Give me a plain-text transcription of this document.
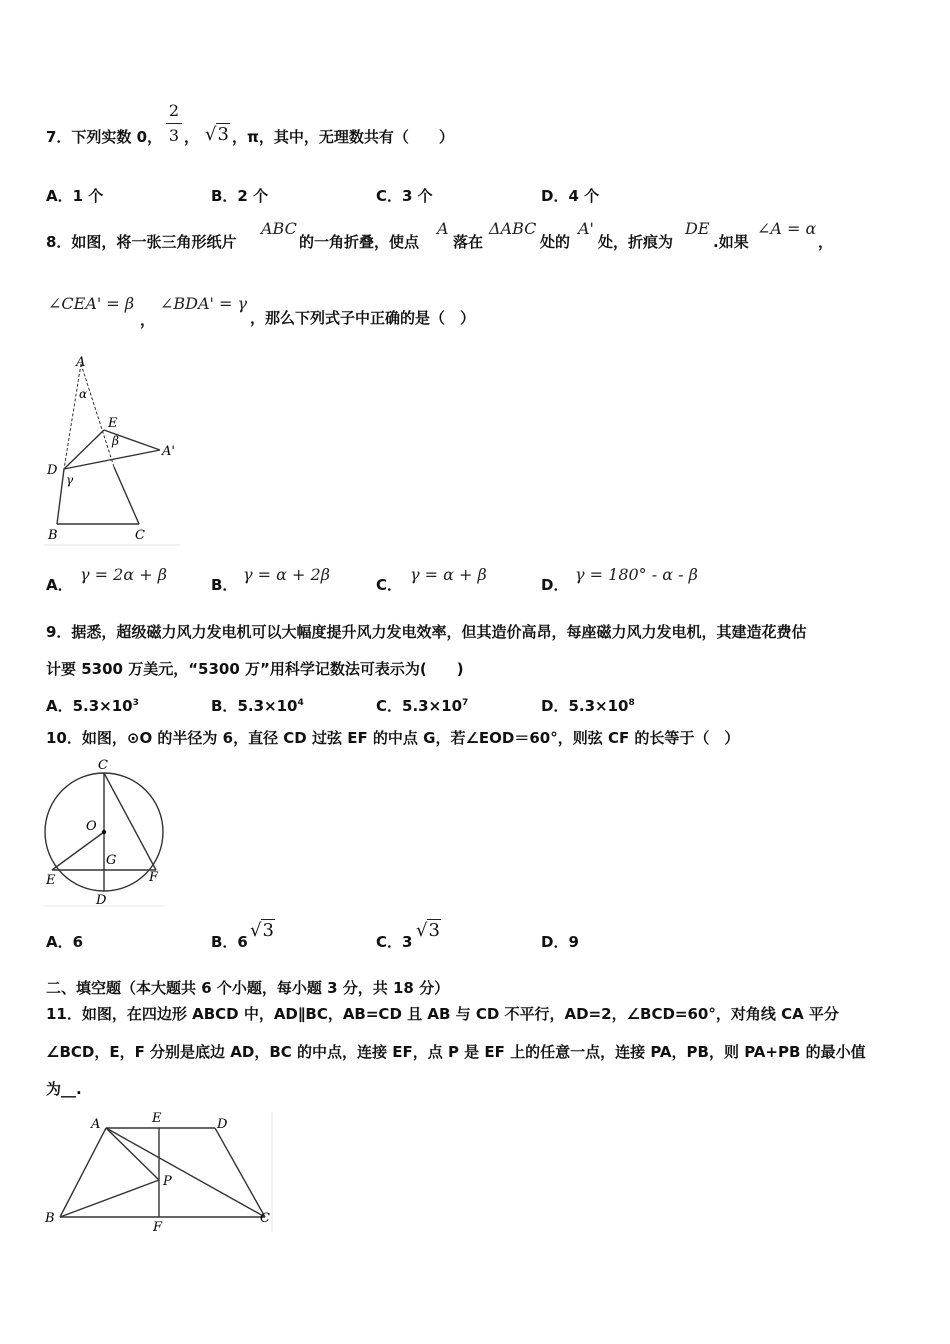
7．下列实数 0，
2
3 ， √3 ，π，其中，无理数共有（　　）
A．1 个	B．2 个	C．3 个	D．4 个
8．如图，将一张三角形纸片
ABC
的一角折叠，使点
A
落在
ΔABC
处的
A'
处，折痕为
DE
.如果
∠A = α
，
∠CEA' = β
，
∠BDA' = γ
，那么下列式子中正确的是（　）
A
α
E
β
A'
D
γ
B	C
A．
γ = 2α + β
B．
γ = α + 2β
C．
γ = α + β
D．
γ = 180° - α - β
9．据悉，超级磁力风力发电机可以大幅度提升风力发电效率，但其造价高昂，每座磁力风力发电机，其建造花费估
计要 5300 万美元，“5300 万”用科学记数法可表示为(　　)
A．$5.3\times 10^3$	B．$5.3\times 10^4$	C．$5.3\times 10^7$	D．$5.3\times 10^8$
10．如图，⊙O 的半径为 6，直径 CD 过弦 EF 的中点 G，若∠EOD＝60°，则弦 CF 的长等于（　）
C
O
G
E	F
D
A．6	B．6
√3
C．3
√3
D．9
二、填空题（本大题共 6 个小题，每小题 3 分，共 18 分）
11．如图，在四边形 ABCD 中，AD∥BC，AB=CD 且 AB 与 CD 不平行，AD=2，∠BCD=60°，对角线 CA 平分
∠BCD，E，F 分别是底边 AD，BC 的中点，连接 EF，点 P 是 EF 上的任意一点，连接 PA，PB，则 PA+PB 的最小值
为__.
A	E	D
P
B
F
C
